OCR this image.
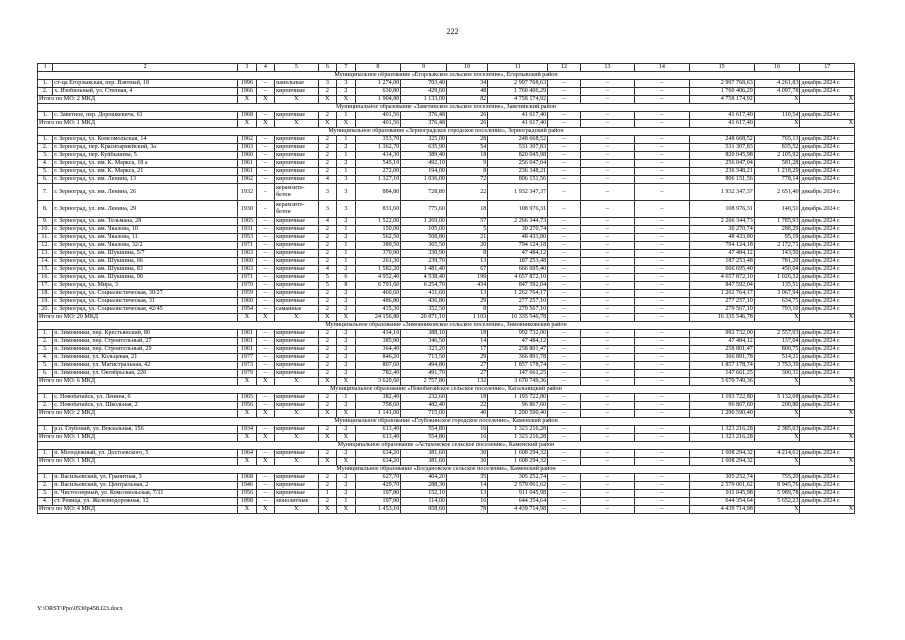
222
1	2	3	4	5	6	7	8	9	10	11	12	13	14	15	16	17
Муниципальное образование «Егорлыкское сельское поселение», Егорлыкский район																
1.	ст-ца Егорлыкская, пер. Взятный, 18	1996	–	панельные	3	3	1 274,00	703,40	34	2 997 768,63	–	–	–	2 997 768,63	4 261,83	декабрь 2024 г.
2.	х. Изобильный, ул. Степная, 4	1966	–	кирпичные	2	2	630,80	429,60	48	1 760 406,29	–	–	–	1 760 406,29	4 097,78	декабрь 2024 г.
Итого по МО: 2 МКД		X	X	X	X	X	1 904,80	1 133,00	82	4 758 174,92	–	–	–	4 758 174,92	X	X
Муниципальное образование «Заветинское сельское поселение», Заветинский район																
1.	с. Заветное, пер. Дорошкевича, 61	1968	–	кирпичные	2	1	401,56	376,48	26	41 617,40	–	–	–	41 617,40	110,54	декабрь 2024 г.
Итого по МО: 1 МКД		X	X	X	X	X	401,56	376,48	26	41 617,40	–	–	–	41 617,40	X	X
Муниципальное образование «Зерноградское городское поселение», Зерноградский район																
1.	г. Зерноград, ул. Комсомольская, 14	1962	–	кирпичные	2	1	353,70	325,00	28	248 668,52	–	–	–	248 668,52	765,13	декабрь 2024 г.
2.	г. Зерноград, пер. Красноармейский, 3а	1963	–	кирпичные	2	2	1 362,70	635,90	54	531 307,83	–	–	–	531 307,83	835,52	декабрь 2024 г.
3.	г. Зерноград, пер. Куйбышева, 5	1960	–	кирпичные	2	1	414,30	389,40	18	820 045,98	–	–	–	820 045,98	2 105,92	декабрь 2024 г.
4.	г. Зерноград, ул. им. К. Маркса, 18 а	1961	–	кирпичные	2	2	545,10	492,10	9	256 047,04	–	–	–	256 047,04	581,28	декабрь 2024 г.
5.	г. Зерноград, ул. им. К. Маркса, 21	1961	–	кирпичные	2	1	272,00	194,00	8	236 348,21	–	–	–	236 348,21	1 218,29	декабрь 2024 г.
6.	г. Зерноград, ул. им. Ленина, 13	1962	–	кирпичные	4	3	1 327,10	1 036,00	72	806 151,56	–	–	–	806 151,56	778,14	декабрь 2024 г.
7.	г. Зерноград, ул. им. Ленина, 26	1932	–	керамзито-бетон	3	3	884,80	728,80	22	1 932 347,37	–	–	–	1 932 347,37	2 651,40	декабрь 2024 г.
8.	г. Зерноград, ул. им. Ленина, 29	1930	–	керамзито-бетон	3	3	831,60	775,60	18	108 976,31	–	–	–	108 976,31	140,51	декабрь 2024 г.
9.	г. Зерноград, ул. им. Тельмана, 28	1965	–	кирпичные	4	2	1 522,00	1 269,00	57	2 266 344,73	–	–	–	2 266 344,73	1 785,93	декабрь 2024 г.
10.	г. Зерноград, ул. им. Чкалова, 10	1931	–	кирпичные	2	1	150,00	105,00	5	30 270,74	–	–	–	30 270,74	288,29	декабрь 2024 г.
11.	г. Зерноград, ул. им. Чкалова, 11	1953	–	кирпичные	2	2	562,50	508,80	21	48 433,80	–	–	–	48 433,80	95,19	декабрь 2024 г.
12.	г. Зерноград, ул. им. Чкалова, 32/2	1971	–	кирпичные	2	1	389,50	365,50	20	794 124,18	–	–	–	794 124,18	2 172,71	декабрь 2024 г.
13.	г. Зерноград, ул. им. Шукшина, 5/7	1963	–	кирпичные	2	1	370,90	330,90	8	47 484,12	–	–	–	47 484,12	143,50	декабрь 2024 г.
14.	г. Зерноград, ул. им. Шукшина, 66	1960	–	кирпичные	2	1	261,30	239,70	13	187 253,48	–	–	–	187 253,48	781,20	декабрь 2024 г.
15.	г. Зерноград, ул. им. Шукшина, 83	1963	–	кирпичные	4	2	1 582,20	1 481,40	67	666 695,40	–	–	–	666 695,40	450,04	декабрь 2024 г.
16.	г. Зерноград, ул. им. Шукшина, 90	1971	–	кирпичные	5	6	4 952,40	4 538,40	199	4 657 872,10	–	–	–	4 657 872,10	1 026,32	декабрь 2024 г.
17.	г. Зерноград, ул. Мира, 3	1970	–	кирпичные	5	8	6 791,60	6 254,70	434	847 592,04	–	–	–	847 592,04	135,51	декабрь 2024 г.
18.	г. Зерноград, ул. Социалистическая, 30/27	1959	–	кирпичные	2	2	460,60	411,60	13	1 262 764,17	–	–	–	1 262 764,17	3 067,94	декабрь 2024 г.
19.	г. Зерноград, ул. Социалистическая, 31	1960	–	кирпичные	2	2	486,80	436,80	29	277 257,10	–	–	–	277 257,10	634,75	декабрь 2024 г.
20.	г. Зерноград, ул. Социалистическая, 42/45	1954	–	саманные	2	2	435,30	352,50	8	279 567,10	–	–	–	279 567,10	793,10	декабрь 2024 г.
Итого по МО: 20 МКД		X	X	X	X	X	24 156,80	20 871,10	1 103	16 335 546,78	–	–	–	16 335 546,78	X	X
Муниципальное образование «Зимовниковское сельское поселение», Зимовниковский район																
1.	п. Зимовники, пер. Крестьянский, 80	1961	–	кирпичные	2	2	434,10	388,10	18	992 732,00	–	–	–	992 732,00	2 557,93	декабрь 2024 г.
2.	п. Зимовники, пер. Строительный, 27	1961	–	кирпичные	2	2	385,90	346,50	14	47 484,12	–	–	–	47 484,12	137,04	декабрь 2024 г.
3.	п. Зимовники, пер. Строительный, 29	1961	–	кирпичные	2	2	364,40	323,20	17	258 801,47	–	–	–	258 801,47	800,75	декабрь 2024 г.
4.	п. Зимовники, ул. Кольцевая, 21	1977	–	кирпичные	2	2	846,20	713,50	29	366 891,78	–	–	–	366 891,78	514,21	декабрь 2024 г.
5.	п. Зимовники, ул. Магистральная, 42	1973	–	кирпичные	2	2	807,60	494,80	27	1 857 178,74	–	–	–	1 857 178,74	3 753,39	декабрь 2024 г.
6.	п. Зимовники, ул. Октябрьская, 22б	1979	–	кирпичные	2	2	782,40	491,70	27	147 661,25	–	–	–	147 661,25	300,31	декабрь 2024 г.
Итого по МО: 6 МКД		X	X	X	X	X	3 620,60	2 757,80	132	3 670 749,36	–	–	–	3 670 749,36	X	X
Муниципальное образование «Новобатайское сельское поселение», Кагальницкий район																
1.	с. Новобатайск, ул. Ленина, 6	1965	–	кирпичные	2	1	382,40	232,60	18	1 193 722,80	–	–	–	1 193 722,80	5 132,08	декабрь 2024 г.
2.	с. Новобатайск, ул. Школьная, 2	1956	–	кирпичные	2	2	758,60	482,40	22	96 867,60	–	–	–	96 867,60	200,80	декабрь 2024 г.
Итого по МО: 2 МКД		X	X	X	X	X	1 141,00	715,00	40	1 290 590,40	–	–	–	1 290 590,40	X	X
Муниципальное образование «Глубокинское городское поселение», Каменский район																
1.	р.п. Глубокий, ул. Вокзальная, 156	1934	–	кирпичные	2	2	613,40	554,80	16	1 323 216,28	–	–	–	1 323 216,28	2 385,03	декабрь 2024 г.
Итого по МО: 1 МКД		X	X	X	X	X	613,40	554,80	16	1 323 216,28	–	–	–	1 323 216,28	X	X
Муниципальное образование «Астаховское сельское поселение», Каменский район																
1.	п. Молодежный, ул. Достоевского, 5	1964	–	кирпичные	2	2	634,20	381,60	30	1 608 294,32	–	–	–	1 608 294,32	4 214,61	декабрь 2024 г.
Итого по МО: 1 МКД		X	X	X	X	X	634,20	381,60	30	1 608 294,32	–	–	–	1 608 294,32	X	X
Муниципальное образование «Богдановское сельское поселение», Каменский район																
1.	п. Васильевский, ул. Гранитная, 3	1968	–	кирпичные	2	2	627,70	404,20	35	305 252,74	–	–	–	305 252,74	755,20	декабрь 2024 г.
2.	п. Васильевский, ул. Центральная, 2	1946	–	кирпичные	2	2	429,70	288,30	14	2 579 061,62	–	–	–	2 579 061,62	8 945,76	декабрь 2024 г.
3.	п. Чистоозерный, ул. Комсомольская, 7/11	1956	–	кирпичные	1	2	197,80	152,10	13	911 045,98	–	–	–	911 045,98	5 989,78	декабрь 2024 г.
4.	ст. Ревица, ул. Железнодорожная, 12	1898	–	монолитные	2	1	197,90	114,00	16	644 354,64	–	–	–	644 354,64	5 652,23	декабрь 2024 г.
Итого по МО: 4 МКД		X	X	X	X	X	1 453,10	958,60	78	4 439 714,98	–	–	–	4 439 714,98	X	X
Y:\ORST\Ppo\0530p458.f23.docx
